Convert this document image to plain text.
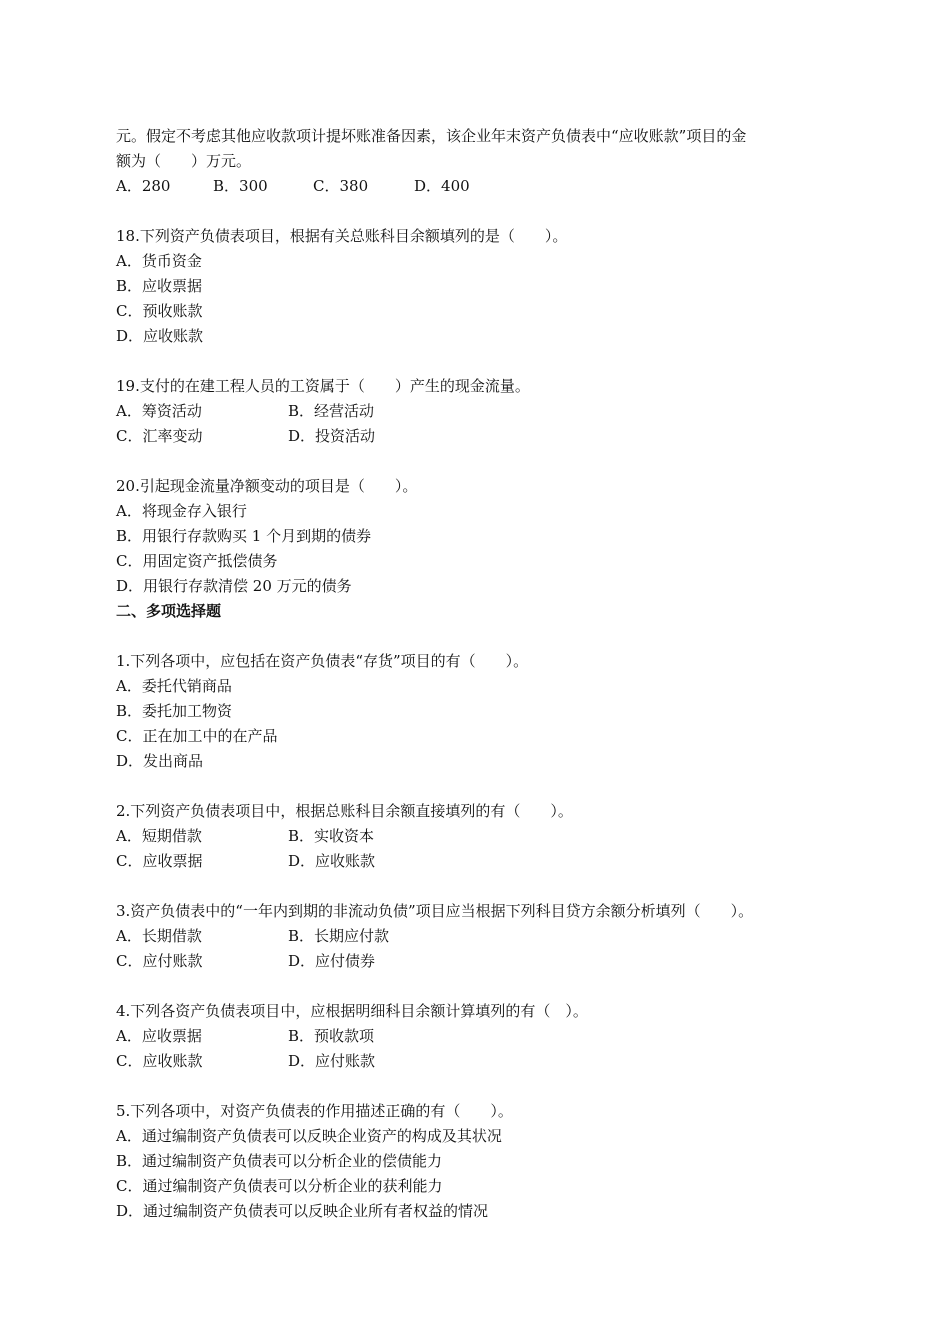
元。假定不考虑其他应收款项计提坏账准备因素，该企业年末资产负债表中“应收账款”项目的金
额为（　　）万元。
A．280	B．300	C．380	D．400
18.下列资产负债表项目，根据有关总账科目余额填列的是（　　）。
A．货币资金
B．应收票据
C．预收账款
D．应收账款
19.支付的在建工程人员的工资属于（　　）产生的现金流量。
A．筹资活动	B．经营活动
C．汇率变动	D．投资活动
20.引起现金流量净额变动的项目是（　　）。
A．将现金存入银行
B．用银行存款购买 1 个月到期的债券
C．用固定资产抵偿债务
D．用银行存款清偿 20 万元的债务
二、多项选择题
1.下列各项中，应包括在资产负债表“存货”项目的有（　　）。
A．委托代销商品
B．委托加工物资
C．正在加工中的在产品
D．发出商品
2.下列资产负债表项目中，根据总账科目余额直接填列的有（　　）。
A．短期借款	B．实收资本
C．应收票据	D．应收账款
3.资产负债表中的“一年内到期的非流动负债”项目应当根据下列科目贷方余额分析填列（　　）。
A．长期借款	B．长期应付款
C．应付账款	D．应付债券
4.下列各资产负债表项目中，应根据明细科目余额计算填列的有（　）。
A．应收票据	B．预收款项
C．应收账款	D．应付账款
5.下列各项中，对资产负债表的作用描述正确的有（　　）。
A．通过编制资产负债表可以反映企业资产的构成及其状况
B．通过编制资产负债表可以分析企业的偿债能力
C．通过编制资产负债表可以分析企业的获利能力
D．通过编制资产负债表可以反映企业所有者权益的情况
